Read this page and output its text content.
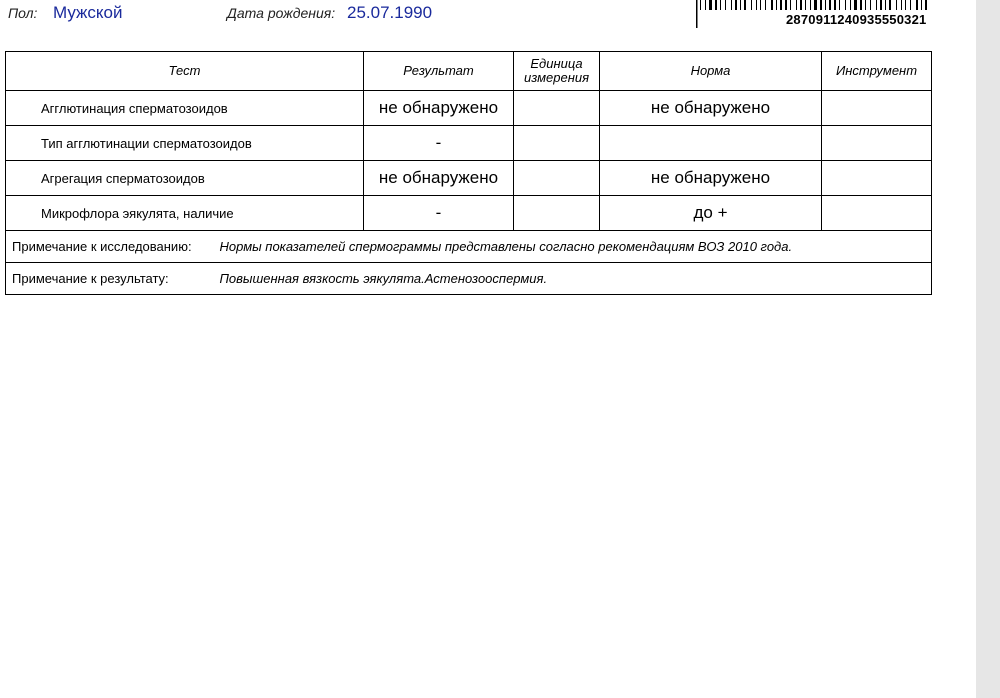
Пол: Мужской	Дата рождения: 25.07.1990	2870911240935550321
Тест	Результат	Единица измерения	Норма	Инструмент
Агглютинация сперматозоидов	не обнаружено		не обнаружено	
Тип агглютинации сперматозоидов	-			
Агрегация сперматозоидов	не обнаружено		не обнаружено	
Микрофлора эякулята, наличие	-		до +	
Примечание к исследованию:	Нормы показателей спермограммы представлены согласно рекомендациям ВОЗ 2010 года.			
Примечание к результату:	Повышенная вязкость эякулята.Астенозооспермия.			
